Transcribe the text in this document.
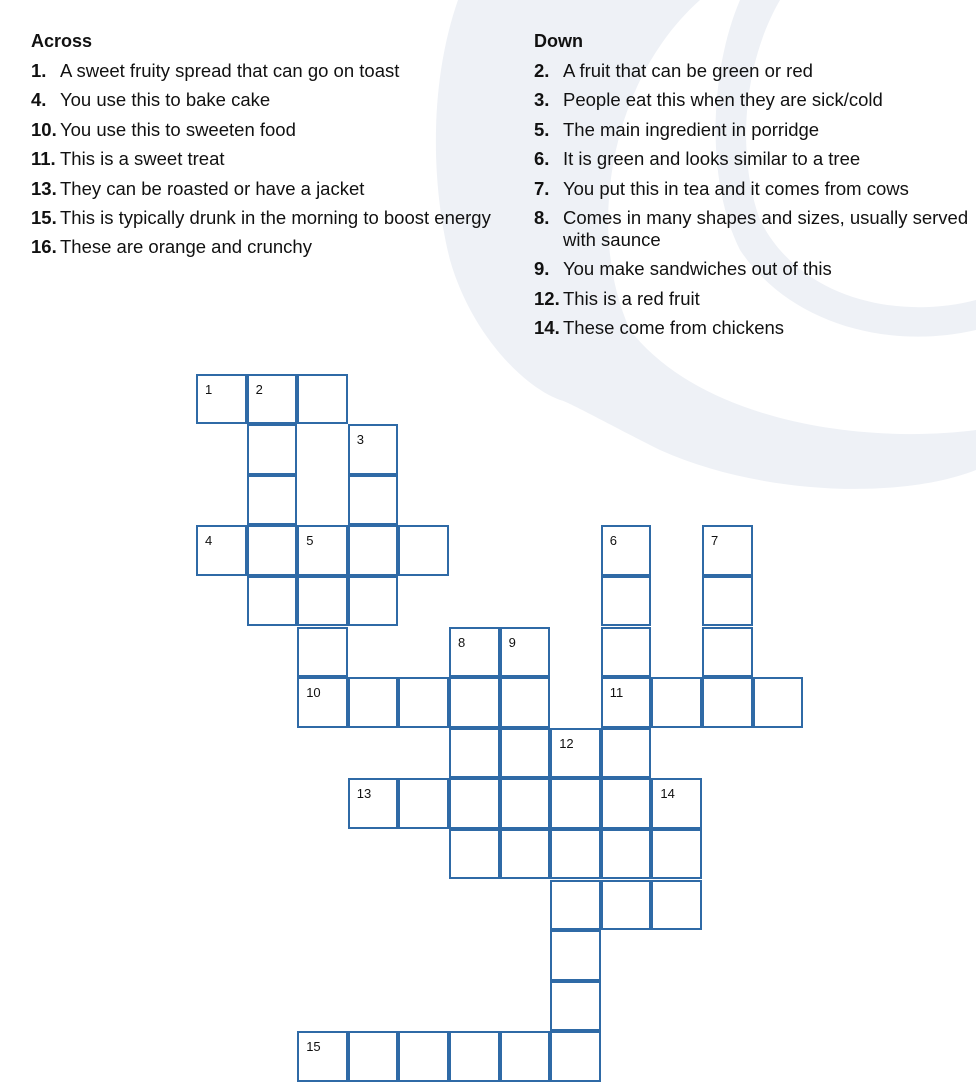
Across
1. A sweet fruity spread that can go on toast
4. You use this to bake cake
10. You use this to sweeten food
11. This is a sweet treat
13. They can be roasted or have a jacket
15. This is typically drunk in the morning to boost energy
16. These are orange and crunchy
Down
2. A fruit that can be green or red
3. People eat this when they are sick/cold
5. The main ingredient in porridge
6. It is green and looks similar to a tree
7. You put this in tea and it comes from cows
8. Comes in many shapes and sizes, usually served with saunce
9. You make sandwiches out of this
12. This is a red fruit
14. These come from chickens
1	2
3
4	5	6	7
8	9
10	11
12
13	14
15
